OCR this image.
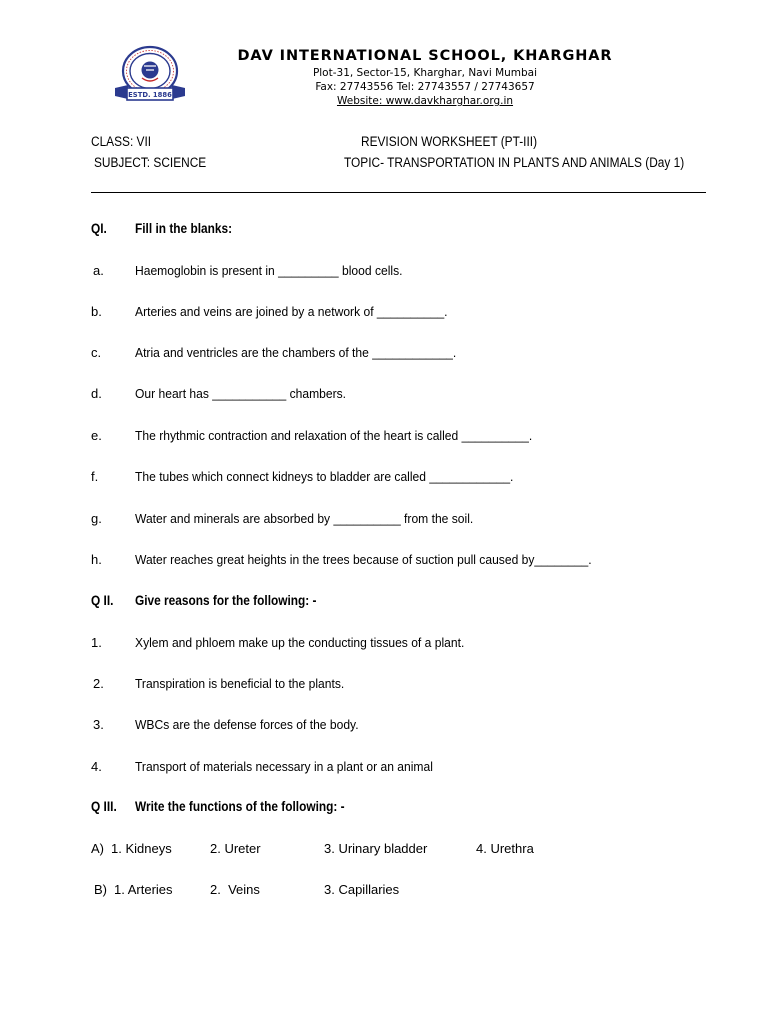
ESTD. 1886
DAV INTERNATIONAL SCHOOL, KHARGHAR
Plot-31, Sector-15, Kharghar, Navi Mumbai
Fax: 27743556 Tel: 27743557 / 27743657
Website: www.davkharghar.org.in
CLASS: VII
SUBJECT: SCIENCE
REVISION WORKSHEET (PT-III)
TOPIC- TRANSPORTATION IN PLANTS AND ANIMALS (Day 1)
QI. Fill in the blanks:
a. Haemoglobin is present in _________ blood cells.
b.	Arteries and veins are joined by a network of __________.
c.	Atria and ventricles are the chambers of the ____________.
d.	Our heart has ___________ chambers.
e.	The rhythmic contraction and relaxation of the heart is called __________.
f.	The tubes which connect kidneys to bladder are called ____________.
g.	Water and minerals are absorbed by __________ from the soil.
h.	Water reaches great heights in the trees because of suction pull caused by________.
Q II. Give reasons for the following: -
1.	Xylem and phloem make up the conducting tissues of a plant.
2. Transpiration is beneficial to the plants.
3. WBCs are the defense forces of the body.
4.	Transport of materials necessary in a plant or an animal
Q III. Write the functions of the following: -
A) 1. Kidneys	2. Ureter	3. Urinary bladder	4. Urethra
B) 1. Arteries	2.  Veins	3. Capillaries
